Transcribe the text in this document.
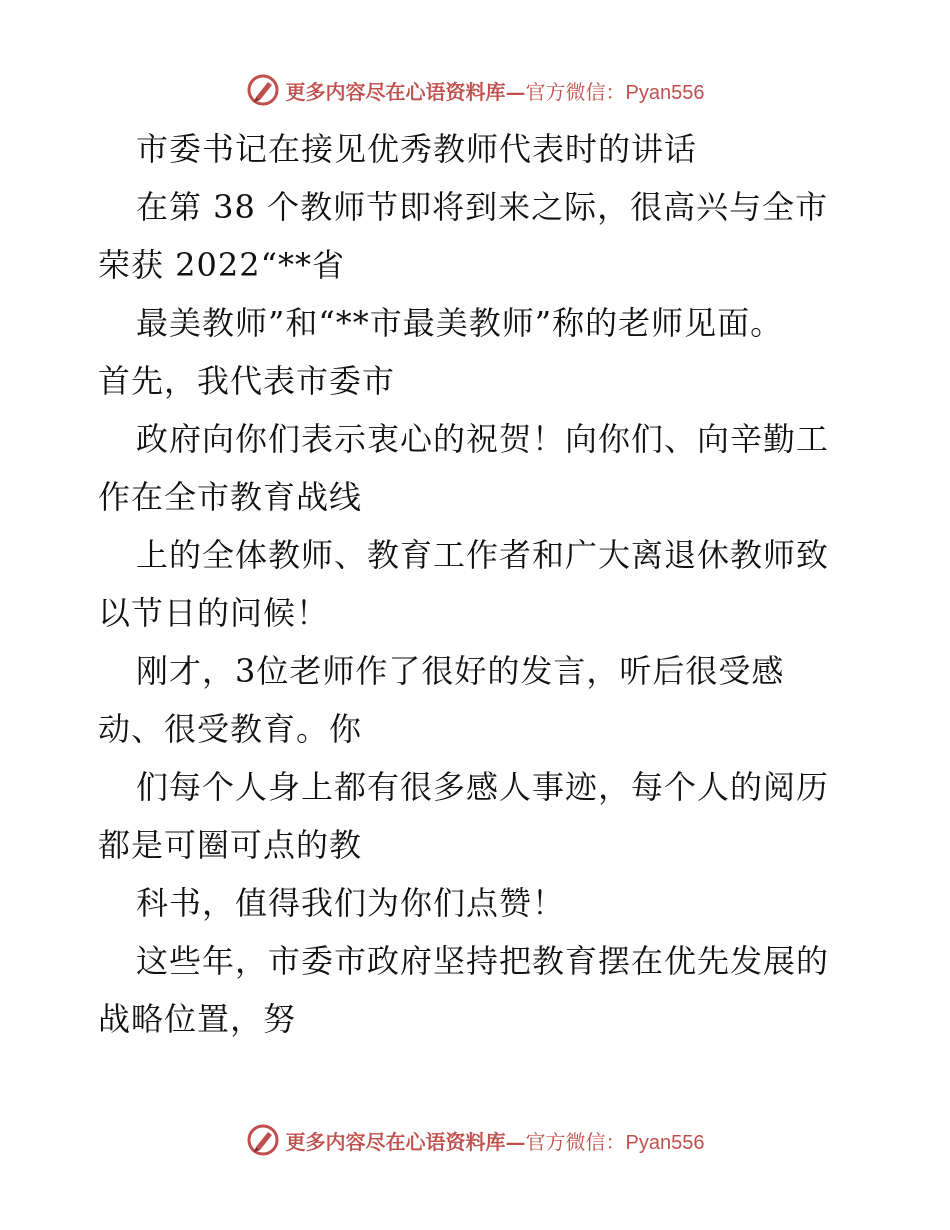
更多内容尽在心语资料库—官方微信：Pyan556
市委书记在接见优秀教师代表时的讲话
在第 38 个教师节即将到来之际，很高兴与全市
荣获 2022“**省
最美教师”和“**市最美教师”称的老师见面。
首先，我代表市委市
政府向你们表示衷心的祝贺！向你们、向辛勤工
作在全市教育战线
上的全体教师、教育工作者和广大离退休教师致
以节日的问候！
刚才，3位老师作了很好的发言，听后很受感
动、很受教育。你
们每个人身上都有很多感人事迹，每个人的阅历
都是可圈可点的教
科书，值得我们为你们点赞！
这些年，市委市政府坚持把教育摆在优先发展的
战略位置，努
更多内容尽在心语资料库—官方微信：Pyan556
